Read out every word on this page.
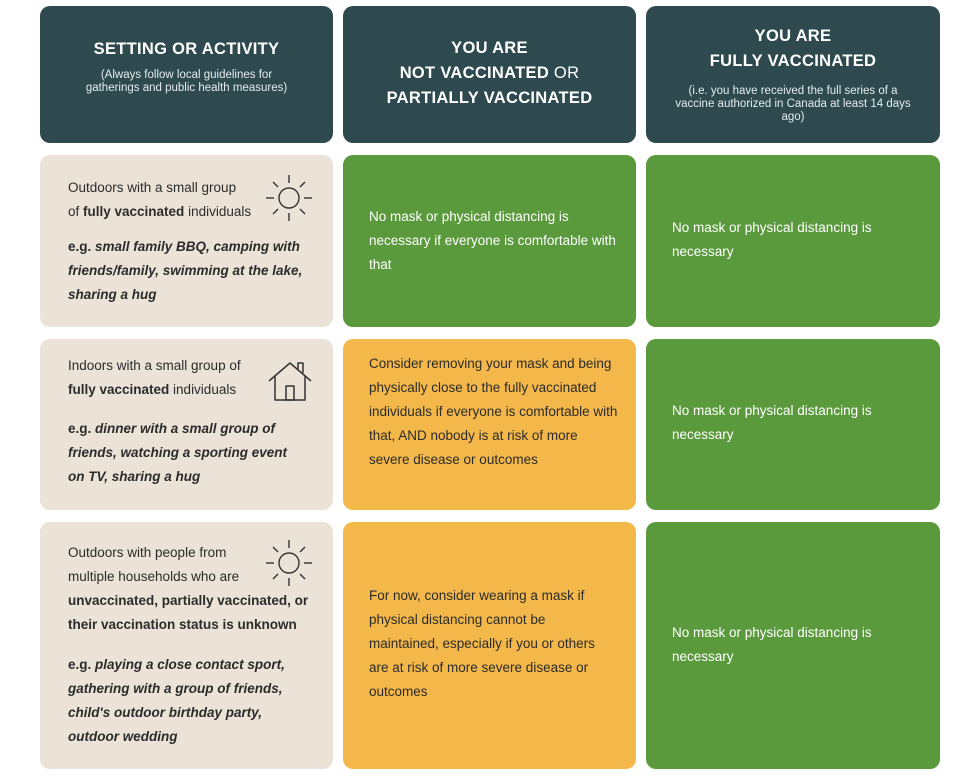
SETTING OR ACTIVITY
(Always follow local guidelines for gatherings and public health measures)
YOU ARE
NOT VACCINATED OR
PARTIALLY VACCINATED
YOU ARE
FULLY VACCINATED
(i.e. you have received the full series of a vaccine authorized in Canada at least 14 days ago)
Outdoors with a small group
of fully vaccinated individuals
e.g. small family BBQ, camping with
friends/family, swimming at the lake,
sharing a hug
No mask or physical distancing is necessary if everyone is comfortable with that
No mask or physical distancing is necessary
Indoors with a small group of
fully vaccinated individuals
e.g. dinner with a small group of
friends, watching a sporting event
on TV, sharing a hug
Consider removing your mask and being physically close to the fully vaccinated individuals if everyone is comfortable with that, AND nobody is at risk of more severe disease or outcomes
No mask or physical distancing is necessary
Outdoors with people from
multiple households who are
unvaccinated, partially vaccinated, or
their vaccination status is unknown
e.g. playing a close contact sport,
gathering with a group of friends,
child's outdoor birthday party,
outdoor wedding
For now, consider wearing a mask if physical distancing cannot be maintained, especially if you or others are at risk of more severe disease or outcomes
No mask or physical distancing is necessary
